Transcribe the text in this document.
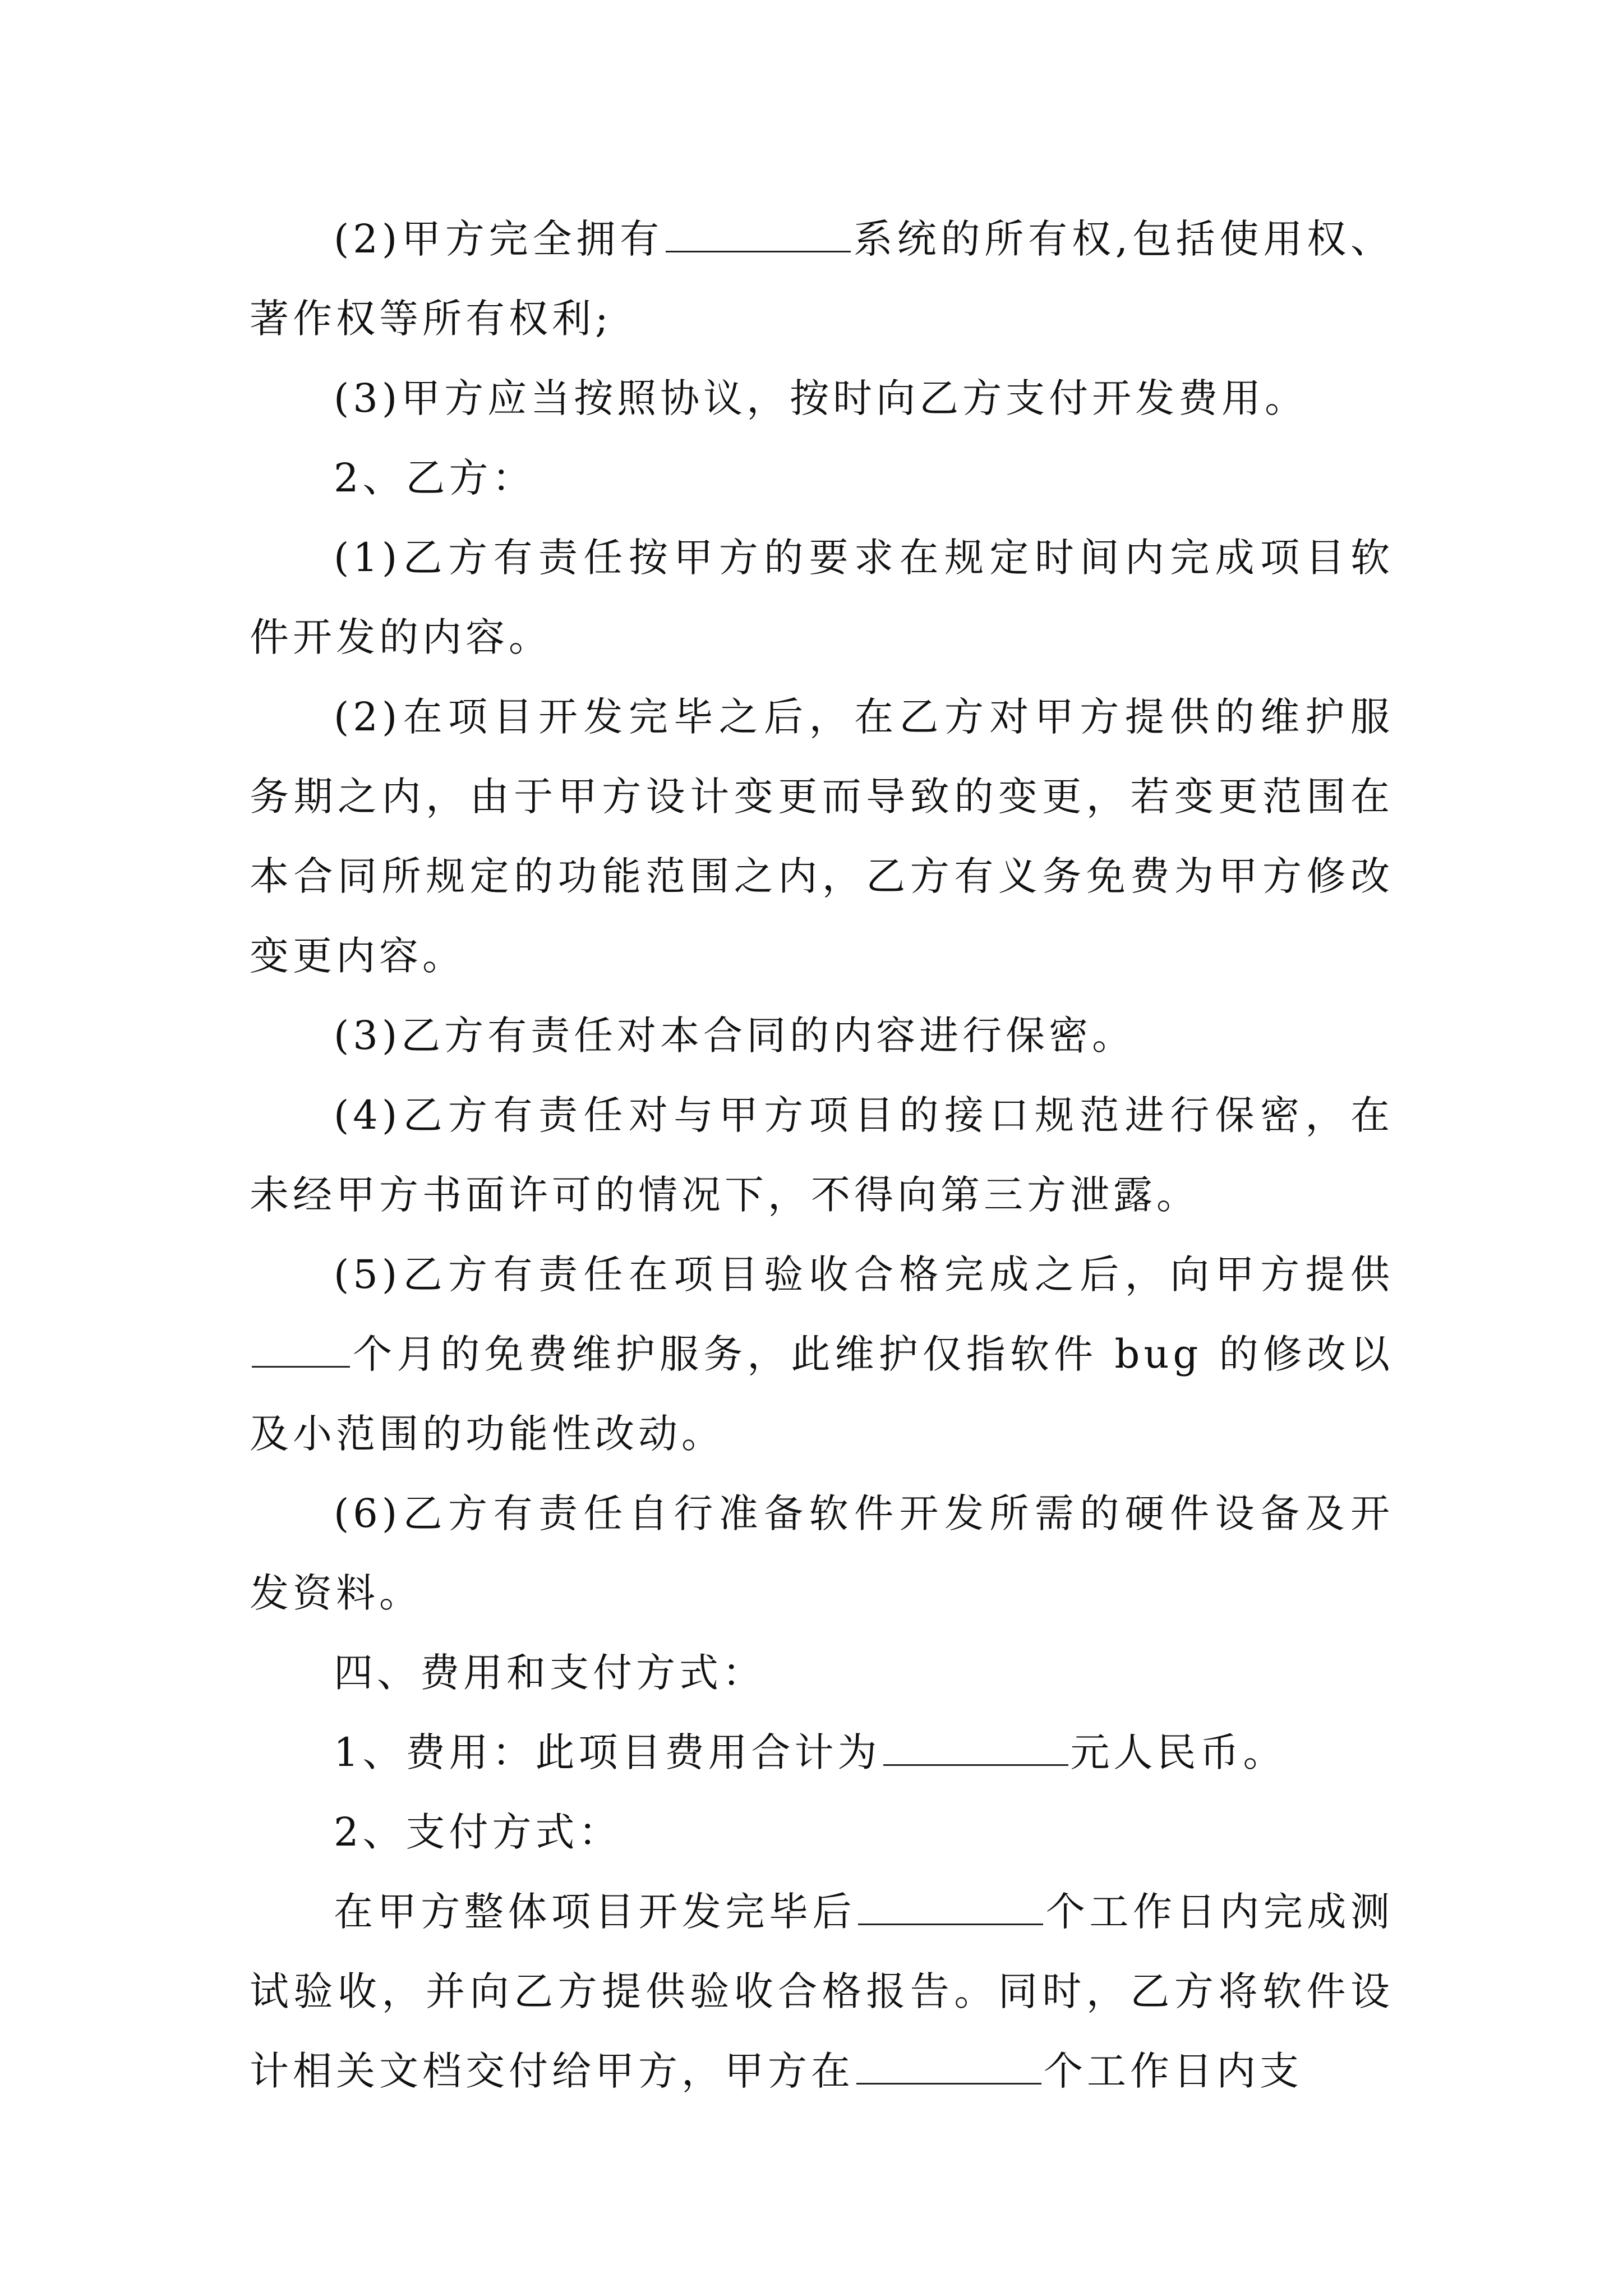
(2)甲方完全拥有	系统的所有权,包括使用权、著作权等所有权利;

(3)甲方应当按照协议，按时向乙方支付开发费用。

2、乙方：

(1)乙方有责任按甲方的要求在规定时间内完成项目软件开发的内容。

(2)在项目开发完毕之后，在乙方对甲方提供的维护服务期之内，由于甲方设计变更而导致的变更，若变更范围在本合同所规定的功能范围之内，乙方有义务免费为甲方修改变更内容。

(3)乙方有责任对本合同的内容进行保密。

(4)乙方有责任对与甲方项目的接口规范进行保密，在未经甲方书面许可的情况下，不得向第三方泄露。

(5)乙方有责任在项目验收合格完成之后，向甲方提供个月的免费维护服务，此维护仅指软件 bug 的修改以及小范围的功能性改动。

(6)乙方有责任自行准备软件开发所需的硬件设备及开发资料。

四、费用和支付方式：

1、费用：此项目费用合计为	元人民币。

2、支付方式：

在甲方整体项目开发完毕后	个工作日内完成测试验收，并向乙方提供验收合格报告。同时，乙方将软件设计相关文档交付给甲方，甲方在	个工作日内支
